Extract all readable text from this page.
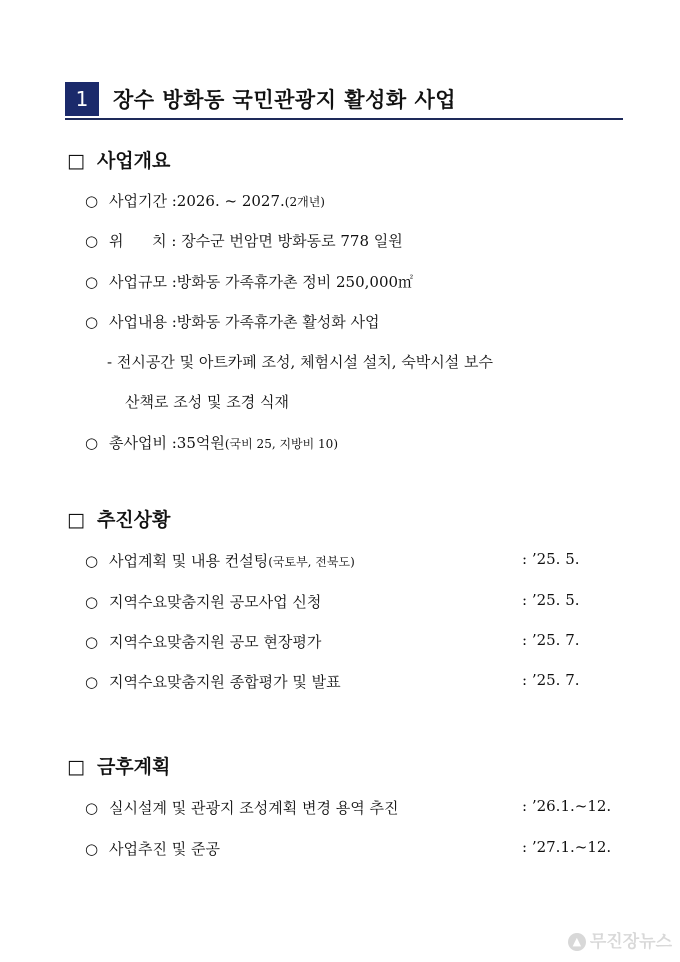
1	장수 방화동 국민관광지 활성화 사업
□ 사업개요
○ 사업기간 :2026. ~ 2027.(2개년)
○ 위      치 : 장수군 번암면 방화동로 778 일원
○ 사업규모 :방화동 가족휴가촌 정비 250,000㎡
○ 사업내용 :방화동 가족휴가촌 활성화 사업
- 전시공간 및 아트카페 조성, 체험시설 설치, 숙박시설 보수
산책로 조성 및 조경 식재
○ 총사업비 :35억원(국비 25, 지방비 10)
□ 추진상황
○ 사업계획 및 내용 컨설팅(국토부, 전북도)	: ’25. 5.
○ 지역수요맞춤지원 공모사업 신청	: ’25. 5.
○ 지역수요맞춤지원 공모 현장평가	: ’25. 7.
○ 지역수요맞춤지원 종합평가 및 발표	: ’25. 7.
□ 금후계획
○ 실시설계 및 관광지 조성계획 변경 용역 추진	: ’26.1.~12.
○ 사업추진 및 준공	: ’27.1.~12.
▲ 무진장뉴스
